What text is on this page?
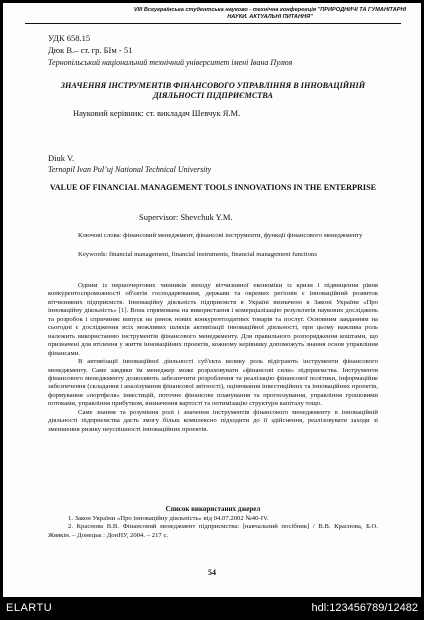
VIII Всеукраїнська студентська науково - технічна конференція "ПРИРОДНИЧІ ТА ГУМАНІТАРНІ НАУКИ. АКТУАЛЬНІ ПИТАННЯ"
УДК 658.15
Дюк В.– ст. гр. БІм - 51
Тернопільський національний технічний університет імені Івана Пулюя
ЗНАЧЕННЯ ІНСТРУМЕНТІВ ФІНАНСОВОГО УПРАВЛІННЯ В ІННОВАЦІЙНІЙ ДІЯЛЬНОСТІ ПІДПРИЄМСТВА
Науковий керівник: ст. викладач Шевчук Я.М.
Diuk V.
Ternopil Ivan Pul’uj National Technical University
VALUE OF FINANCIAL MANAGEMENT TOOLS INNOVATIONS IN THE ENTERPRISE
Supervisor: Shevchuk Y.M.
Ключові слова: фінансовий менеджмент, фінансові інструменти, функції фінансового менеджменту
Keywords: financial management, financial instruments, financial management functions

Одним із першочергових чинників виходу вітчизняної економіки із кризи і підвищення рівня конкурентоспроможності об'єктів господарювання, держави та окремих регіонів є інноваційний розвиток вітчизняних підприємств. Інноваційну діяльність підприємств в Україні визначено в Законі України «Про інноваційну діяльність» [1]. Вона спрямована на використання і комерціалізацію результатів наукових досліджень та розробок і спричиняє випуск на ринок нових конкурентоздатних товарів та послуг. Основним завданням на сьогодні є дослідження всіх можливих шляхів активізації інноваційної діяльності, при цьому важлива роль належить використанню інструментів фінансового менеджменту. Для правильного розпорядження коштами, що призначені для втілення у життя інноваційних проектів, кожному керівнику допоможуть знання основ управління фінансами.

В активізації інноваційної діяльності суб'єкта велику роль відіграють інструменти фінансового менеджменту. Саме завдяки їм менеджер може розраховувати «фінансові сили» підприємства. Інструменти фінансового менеджменту дозволяють забезпечити розроблення та реалізацію фінансової політики, інформаційне забезпечення (складання і аналізування фінансової звітності), оцінювання інвестиційних та інноваційних проектів, формування «портфеля» інвестицій, поточне фінансове планування та прогнозування, управління грошовими потоками, управління прибутком, визначення вартості та оптимізацію структури капіталу тощо.

Саме знання та розуміння ролі і значення інструментів фінансового менеджменту в інноваційній діяльності підприємства дасть змогу більш комплексно підходити до її здійснення, реалізовувати заходи зі зменшення ризику неуспішності інноваційних проектів.

Список використаних джерел
1. Закон України «Про інноваційну діяльність» від 04.07.2002 №40-IV.
2. Краснова В.В. Фінансовий менеджмент підприємства: [навчальний посібник] / В.В. Краснова, Б.О. Жвякін. – Донецьк : ДонНУ, 2004. – 217 с.
54
ELARTU	hdl:123456789/12482
